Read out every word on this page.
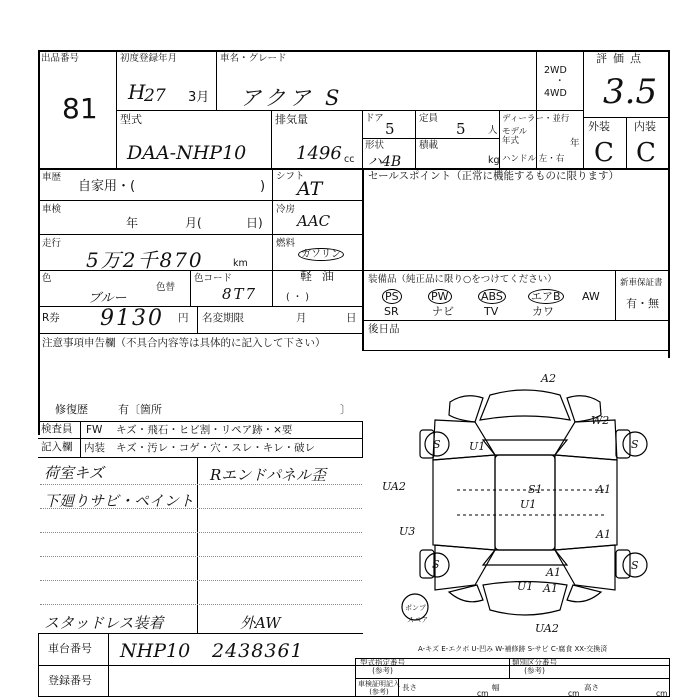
出品番号
81
初度登録年月
H
27 3月
車名・グレード
アクア S
2WD
・
4WD
評価点
3.5
型式
DAA-NHP10
排気量
1496 cc
ドア
5
定員
5 人
形状
ハ4B
積載
kg
ディーラー・並行
モデル
年式	年
ハンドル 左・右
外装 内装
C C
車歴
自家用・(	)
シフト
AT
車検
年	月(	日)
冷房
AAC
走行
5万2千870	km
燃料
ガソリン
色
ブルー
色替
色コード
8T7
軽 油
( ・ )
R券 9130 円 名変期限	月	日
セールスポイント（正常に機能するものに限ります）
装備品（純正品に限り○をつけてください）
PS	PW	ABS	エアB AW
SR	ナビ	TV	カワ
新車保証書
有・無
後日品
注意事項申告欄（不具合内容等は具体的に記入して下さい）
修復歴	有〔箇所	〕
検査員
記入欄
FW キズ・飛石・ヒビ割・リペア跡・×要
内装 キズ・汚レ・コゲ・穴・スレ・キレ・破レ
荷室キズ
下廻りサビ・ペイント
Rエンドパネル歪
スタッドレス装着	外AW
A2
W2
S	U1	S
UA2	S1
U1
A1
U3	A1
A1
S
U1 A1
S
UA2
ポンプ
スペア
A-キズ E-エクボ U-凹み W-補修跡 S-サビ C-腐食 XX-交換済
車台番号 NHP10 2438361
登録番号
型式指定番号
(参考)
類別区分番号
(参考)
車検証明記入
(参考)	長さ
cm
幅
cm
高さ
cm
